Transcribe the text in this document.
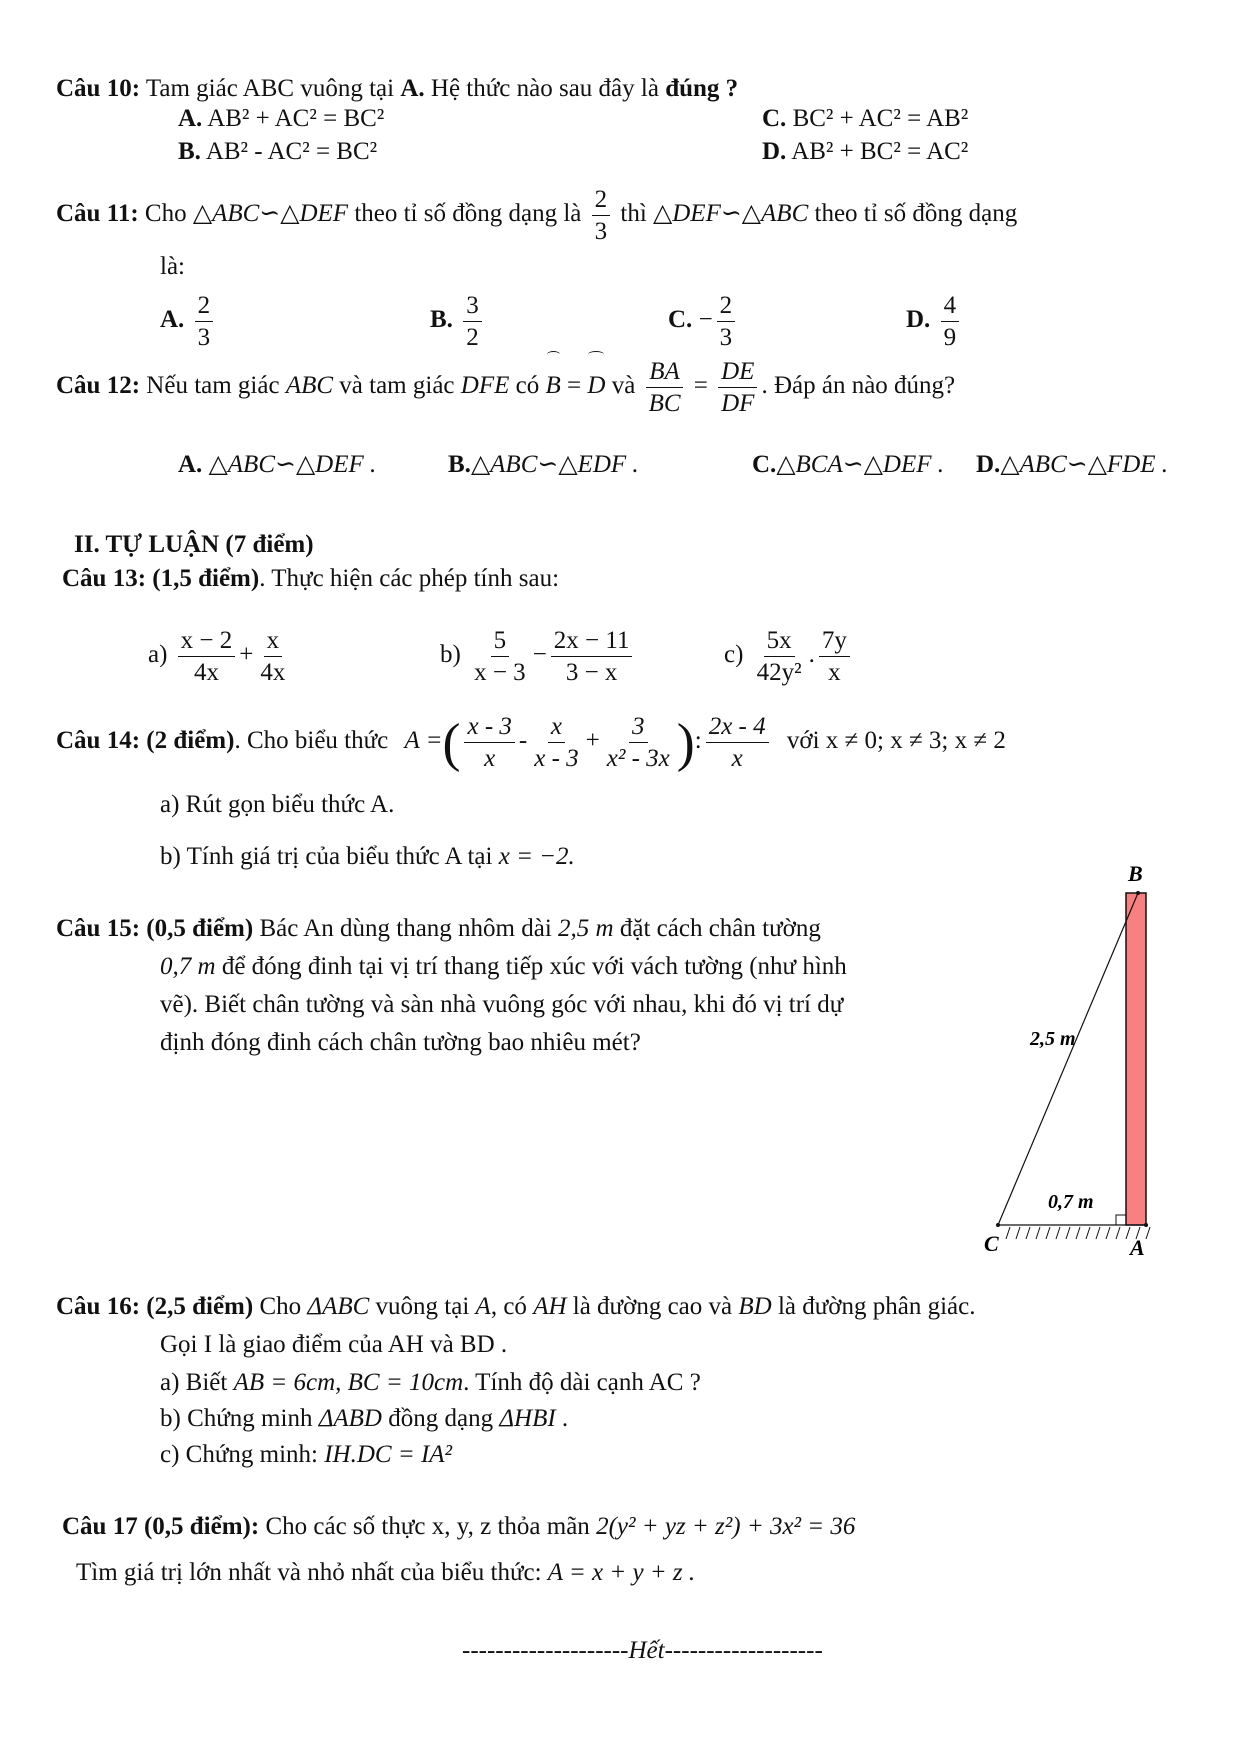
Câu 10: Tam giác ABC vuông tại A. Hệ thức nào sau đây là đúng ?
A. AB² + AC² = BC²	C. BC² + AC² = AB²
B. AB² - AC² = BC²	D. AB² + BC² = AC²
Câu 11: Cho △ABC∽△DEF theo tỉ số đồng dạng là $\frac{2}{3}$ thì △DEF∽△ABC theo tỉ số đồng dạng
là:
A. $\frac{2}{3}$	B. $\frac{3}{2}$	C. − $\frac{2}{3}$	D. $\frac{4}{9}$
Câu 12: Nếu tam giác ABC và tam giác DFE có B = D và $\frac{BA}{BC} = \frac{DE}{DF}$ . Đáp án nào đúng?
A. △ABC∽△DEF .	B.△ABC∽△EDF .	C.△BCA∽△DEF . D.△ABC∽△FDE .
II. TỰ LUẬN (7 điểm)
Câu 13: (1,5 điểm). Thực hiện các phép tính sau:
$a) \frac{x - 2}{4x} + \frac{x}{4x}$	$b) \frac{5}{x - 3} - \frac{2x - 11}{3 - x}$	$c) \frac{5x}{\text{42y²}}$ . $\frac{7y}{x}$
Câu 14: (2 điểm). Cho biểu thức A =( $\frac{x - 3}{x} - \frac{x}{x - 3} + \frac{3}{\text{x² - 3x}}$ ): $\frac{2x - 4}{x}$ với x ≠ 0; x ≠ 3; x ≠ 2
a) Rút gọn biểu thức A.
b) Tính giá trị của biểu thức A tại x = −2.
Câu 15: (0,5 điểm) Bác An dùng thang nhôm dài 2,5 m đặt cách chân tường
0,7 m để đóng đinh tại vị trí thang tiếp xúc với vách tường (như hình
vẽ). Biết chân tường và sàn nhà vuông góc với nhau, khi đó vị trí dự
định đóng đinh cách chân tường bao nhiêu mét?
B
2,5 m
0,7 m
C	A
Câu 16: (2,5 điểm) Cho ΔABC vuông tại A, có AH là đường cao và BD là đường phân giác.
Gọi I là giao điểm của AH và BD .
a) Biết AB = 6cm, BC = 10cm. Tính độ dài cạnh AC ?
b) Chứng minh ΔABD đồng dạng ΔHBI .
c) Chứng minh: IH.DC = IA²
Câu 17 (0,5 điểm): Cho các số thực x, y, z thỏa mãn 2(y² + yz + z²) + 3x² = 36
Tìm giá trị lớn nhất và nhỏ nhất của biểu thức: A = x + y + z .
--------------------Hết-------------------
